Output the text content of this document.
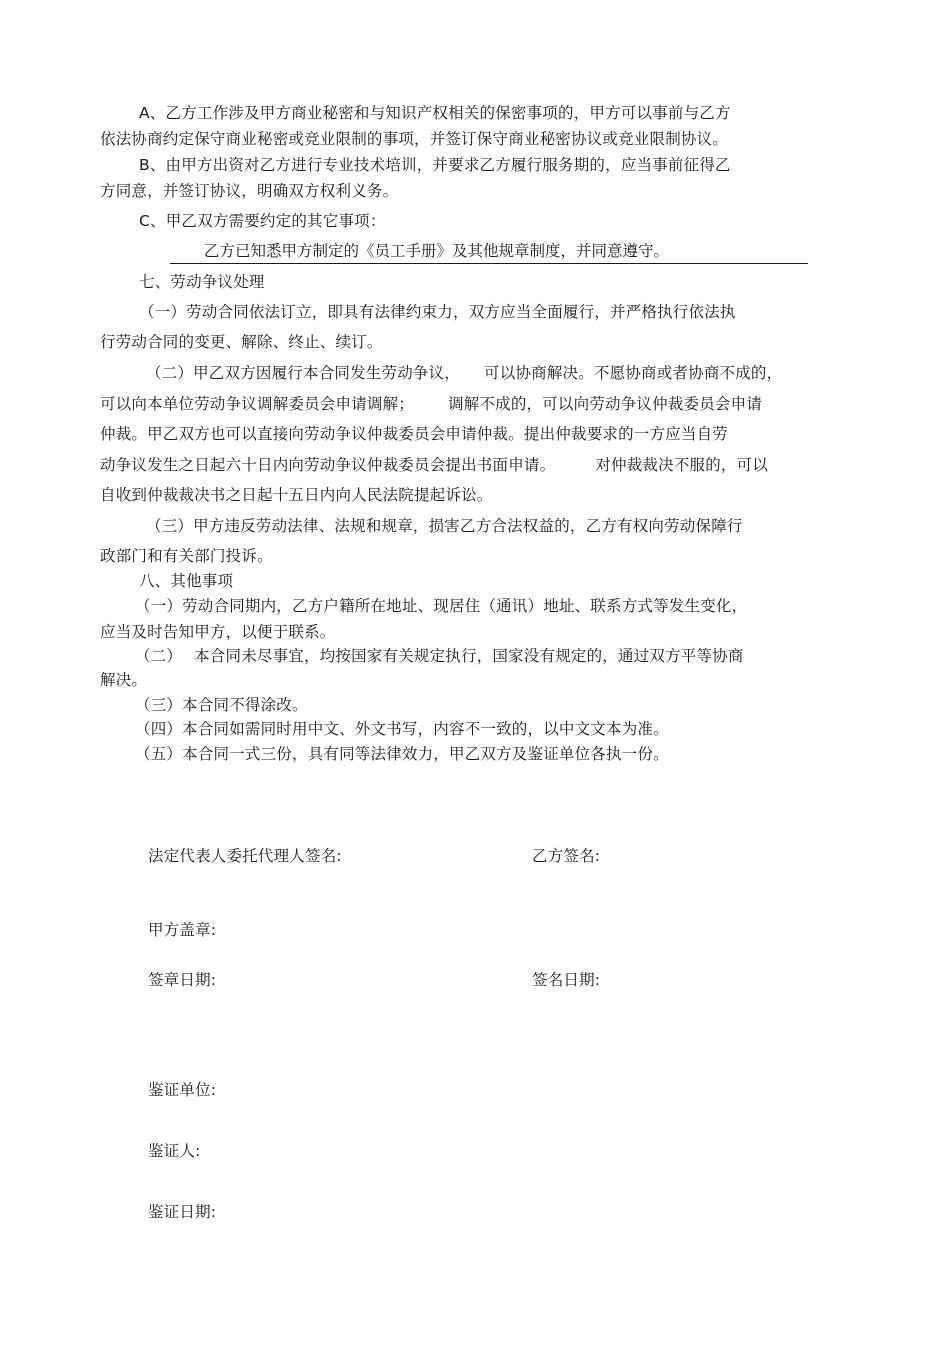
A、乙方工作涉及甲方商业秘密和与知识产权相关的保密事项的，甲方可以事前与乙方
依法协商约定保守商业秘密或竞业限制的事项，并签订保守商业秘密协议或竞业限制协议。
B、由甲方出资对乙方进行专业技术培训，并要求乙方履行服务期的，应当事前征得乙
方同意，并签订协议，明确双方权利义务。
C、甲乙双方需要约定的其它事项：
乙方已知悉甲方制定的《员工手册》及其他规章制度，并同意遵守。
七、劳动争议处理
（一）劳动合同依法订立，即具有法律约束力，双方应当全面履行，并严格执行依法执
行劳动合同的变更、解除、终止、续订。
（二）甲乙双方因履行本合同发生劳动争议， 可以协商解决。不愿协商或者协商不成的，
可以向本单位劳动争议调解委员会申请调解； 调解不成的，可以向劳动争议仲裁委员会申请
仲裁。甲乙双方也可以直接向劳动争议仲裁委员会申请仲裁。提出仲裁要求的一方应当自劳
动争议发生之日起六十日内向劳动争议仲裁委员会提出书面申请。	对仲裁裁决不服的，可以
自收到仲裁裁决书之日起十五日内向人民法院提起诉讼。
（三）甲方违反劳动法律、法规和规章，损害乙方合法权益的，乙方有权向劳动保障行
政部门和有关部门投诉。
八、其他事项
（一）劳动合同期内，乙方户籍所在地址、现居住（通讯）地址、联系方式等发生变化，
应当及时告知甲方，以便于联系。
（二） 本合同未尽事宜，均按国家有关规定执行，国家没有规定的，通过双方平等协商
解决。
（三）本合同不得涂改。
（四）本合同如需同时用中文、外文书写，内容不一致的，以中文文本为准。
（五）本合同一式三份，具有同等法律效力，甲乙双方及鉴证单位各执一份。
法定代表人委托代理人签名:	乙方签名:
甲方盖章:
签章日期:	签名日期:
鉴证单位:
鉴证人:
鉴证日期:
